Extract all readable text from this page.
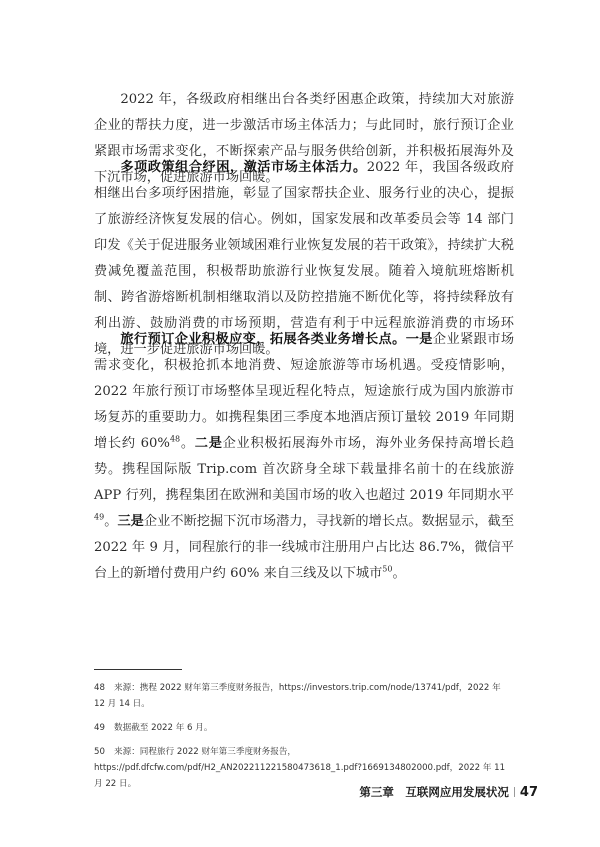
2022 年，各级政府相继出台各类纾困惠企政策，持续加大对旅游企业的帮扶力度，进一步激活市场主体活力；与此同时，旅行预订企业紧跟市场需求变化，不断探索产品与服务供给创新，并积极拓展海外及下沉市场，促进旅游市场回暖。

多项政策组合纾困，激活市场主体活力。2022 年，我国各级政府相继出台多项纾困措施，彰显了国家帮扶企业、服务行业的决心，提振了旅游经济恢复发展的信心。例如，国家发展和改革委员会等 14 部门印发《关于促进服务业领域困难行业恢复发展的若干政策》，持续扩大税费减免覆盖范围，积极帮助旅游行业恢复发展。随着入境航班熔断机制、跨省游熔断机制相继取消以及防控措施不断优化等，将持续释放有利出游、鼓励消费的市场预期，营造有利于中远程旅游消费的市场环境，进一步促进旅游市场回暖。

旅行预订企业积极应变，拓展各类业务增长点。一是企业紧跟市场需求变化，积极抢抓本地消费、短途旅游等市场机遇。受疫情影响，2022 年旅行预订市场整体呈现近程化特点，短途旅行成为国内旅游市场复苏的重要助力。如携程集团三季度本地酒店预订量较 2019 年同期增长约 60%$^{48}$。二是企业积极拓展海外市场，海外业务保持高增长趋势。携程国际版 Trip.com 首次跻身全球下载量排名前十的在线旅游 APP 行列，携程集团在欧洲和美国市场的收入也超过 2019 年同期水平$^{49}$。三是企业不断挖掘下沉市场潜力，寻找新的增长点。数据显示，截至 2022 年 9 月，同程旅行的非一线城市注册用户占比达 86.7%，微信平台上的新增付费用户约 60% 来自三线及以下城市$^{50}$。

48 来源：携程 2022 财年第三季度财务报告，https://investors.trip.com/node/13741/pdf，2022 年 12 月 14 日。

49 数据截至 2022 年 6 月。

50 来源：同程旅行 2022 财年第三季度财务报告，https://pdf.dfcfw.com/pdf/H2_AN202211221580473618_1.pdf?1669134802000.pdf，2022 年 11 月 22 日。

第三章　互联网应用发展状况 47
